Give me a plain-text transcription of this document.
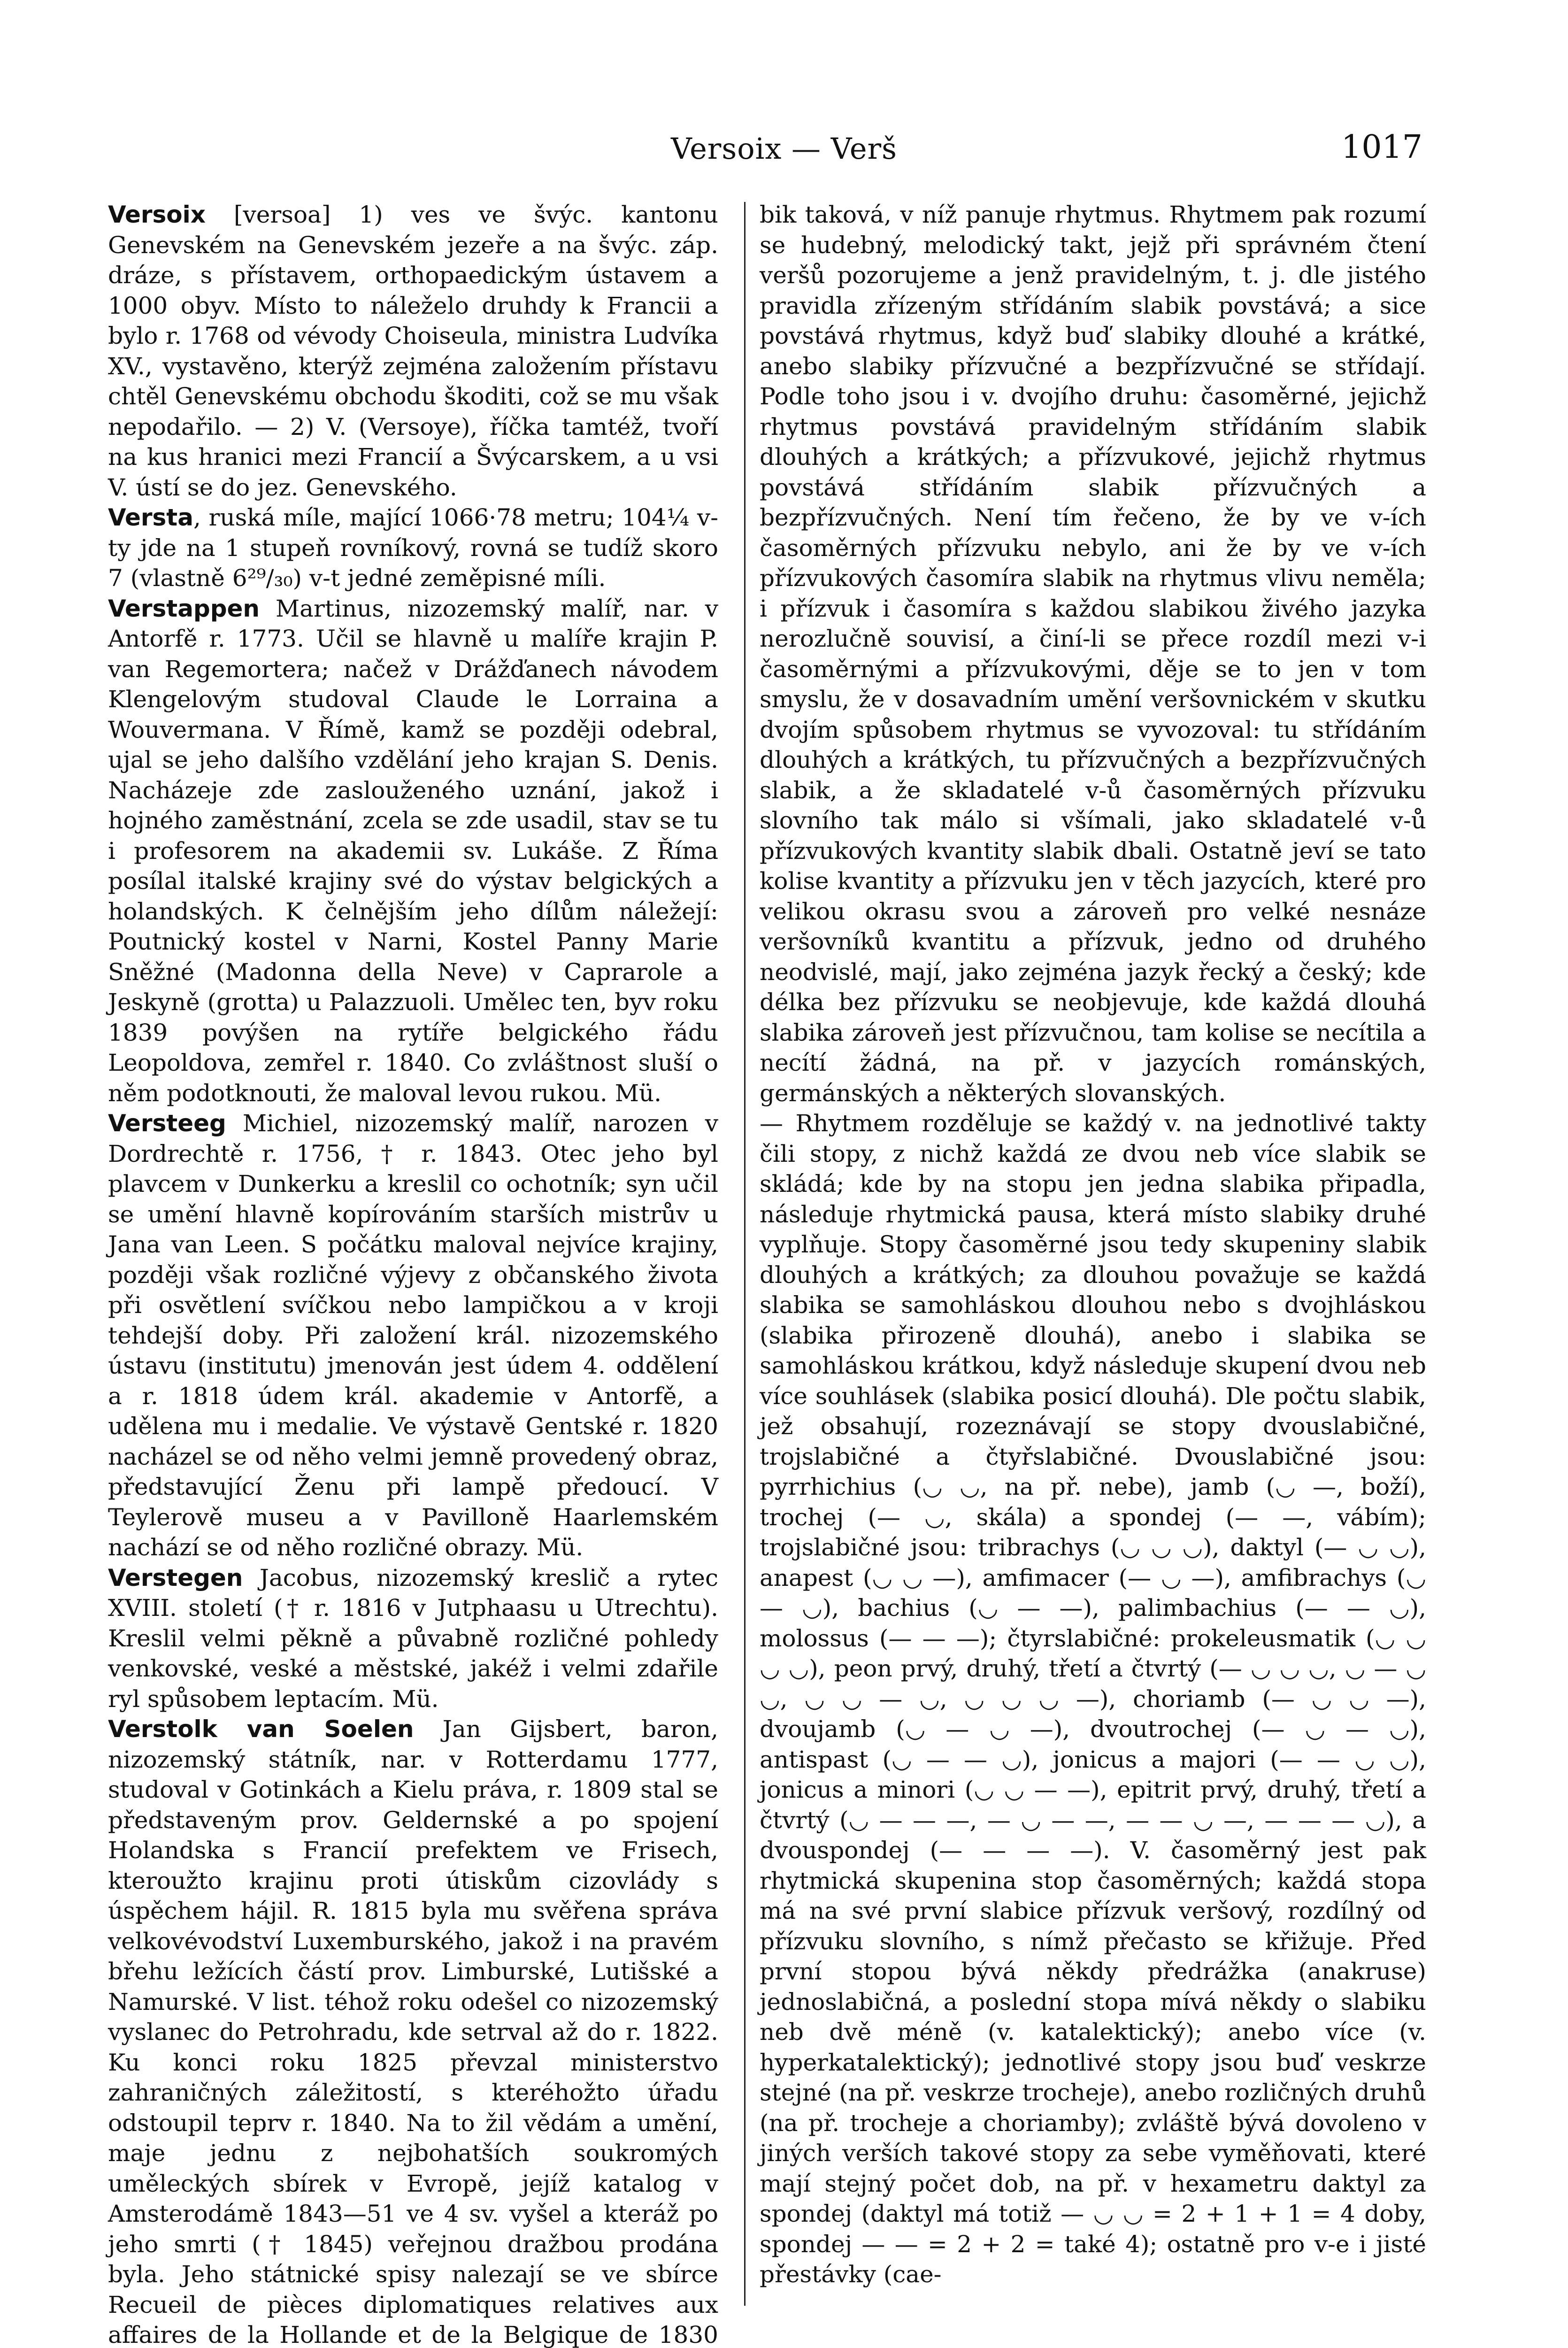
Versoix — Verš	1017

Versoix [versoa] 1) ves ve švýc. kantonu Genevském na Genevském jezeře a na švýc. záp. dráze, s přístavem, orthopaedickým ústavem a 1000 obyv. Místo to náleželo druhdy k Francii a bylo r. 1768 od vévody Choiseula, ministra Ludvíka XV., vystavěno, kterýž zejména založením přístavu chtěl Genevskému obchodu škoditi, což se mu však nepodařilo. — 2) V. (Versoye), říčka tamtéž, tvoří na kus hranici mezi Francií a Švýcarskem, a u vsi V. ústí se do jez. Genevského.

Versta, ruská míle, mající 1066·78 metru; 104¼ v-ty jde na 1 stupeň rovníkový, rovná se tudíž skoro 7 (vlastně 6²⁹/₃₀) v-t jedné zeměpisné míli.

Verstappen Martinus, nizozemský malíř, nar. v Antorfě r. 1773. Učil se hlavně u malíře krajin P. van Regemortera; načež v Drážďanech návodem Klengelovým studoval Claude le Lorraina a Wouvermana. V Římě, kamž se později odebral, ujal se jeho dalšího vzdělání jeho krajan S. Denis. Nacházeje zde zaslouženého uznání, jakož i hojného zaměstnání, zcela se zde usadil, stav se tu i profesorem na akademii sv. Lukáše. Z Říma posílal italské krajiny své do výstav belgických a holandských. K čelnějším jeho dílům náležejí: Poutnický kostel v Narni, Kostel Panny Marie Sněžné (Madonna della Neve) v Caprarole a Jeskyně (grotta) u Palazzuoli. Umělec ten, byv roku 1839 povýšen na rytíře belgického řádu Leopoldova, zemřel r. 1840. Co zvláštnost sluší o něm podotknouti, že maloval levou rukou. Mü.

Versteeg Michiel, nizozemský malíř, narozen v Dordrechtě r. 1756, † r. 1843. Otec jeho byl plavcem v Dunkerku a kreslil co ochotník; syn učil se umění hlavně kopírováním starších mistrův u Jana van Leen. S počátku maloval nejvíce krajiny, později však rozličné výjevy z občanského života při osvětlení svíčkou nebo lampičkou a v kroji tehdejší doby. Při založení král. nizozemského ústavu (institutu) jmenován jest údem 4. oddělení a r. 1818 údem král. akademie v Antorfě, a udělena mu i medalie. Ve výstavě Gentské r. 1820 nacházel se od něho velmi jemně provedený obraz, představující Ženu při lampě předoucí. V Teylerově museu a v Pavilloně Haarlemském nachází se od něho rozličné obrazy. Mü.

Verstegen Jacobus, nizozemský kreslič a rytec XVIII. století († r. 1816 v Jutphaasu u Utrechtu). Kreslil velmi pěkně a půvabně rozličné pohledy venkovské, veské a městské, jakéž i velmi zdařile ryl spůsobem leptacím. Mü.

Verstolk van Soelen Jan Gijsbert, baron, nizozemský státník, nar. v Rotterdamu 1777, studoval v Gotinkách a Kielu práva, r. 1809 stal se představeným prov. Geldernské a po spojení Holandska s Francií prefektem ve Frisech, kteroužto krajinu proti útiskům cizovlády s úspěchem hájil. R. 1815 byla mu svěřena správa velkovévodství Luxemburského, jakož i na pravém břehu ležících částí prov. Limburské, Lutišské a Namurské. V list. téhož roku odešel co nizozemský vyslanec do Petrohradu, kde setrval až do r. 1822. Ku konci roku 1825 převzal ministerstvo zahraničných záležitostí, s kteréhožto úřadu odstoupil teprv r. 1840. Na to žil vědám a umění, maje jednu z nejbohatších soukromých uměleckých sbírek v Evropě, jejíž katalog v Amsterodámě 1843—51 ve 4 sv. vyšel a kteráž po jeho smrti († 1845) veřejnou dražbou prodána byla. Jeho státnické spisy nalezají se ve sbírce Recueil de pièces diplomatiques relatives aux affaires de la Hollande et de la Belgique de 1830

bik taková, v níž panuje rhytmus. Rhytmem pak rozumí se hudebný, melodický takt, jejž při správném čtení veršů pozorujeme a jenž pravidelným, t. j. dle jistého pravidla zřízeným střídáním slabik povstává; a sice povstává rhytmus, když buď slabiky dlouhé a krátké, anebo slabiky přízvučné a bezpřízvučné se střídají. Podle toho jsou i v. dvojího druhu: časoměrné, jejichž rhytmus povstává pravidelným střídáním slabik dlouhých a krátkých; a přízvukové, jejichž rhytmus povstává střídáním slabik přízvučných a bezpřízvučných. Není tím řečeno, že by ve v-ích časoměrných přízvuku nebylo, ani že by ve v-ích přízvukových časomíra slabik na rhytmus vlivu neměla; i přízvuk i časomíra s každou slabikou živého jazyka nerozlučně souvisí, a činí-li se přece rozdíl mezi v-i časoměrnými a přízvukovými, děje se to jen v tom smyslu, že v dosavadním umění veršovnickém v skutku dvojím spůsobem rhytmus se vyvozoval: tu střídáním dlouhých a krátkých, tu přízvučných a bezpřízvučných slabik, a že skladatelé v-ů časoměrných přízvuku slovního tak málo si všímali, jako skladatelé v-ů přízvukových kvantity slabik dbali. Ostatně jeví se tato kolise kvantity a přízvuku jen v těch jazycích, které pro velikou okrasu svou a zároveň pro velké nesnáze veršovníků kvantitu a přízvuk, jedno od druhého neodvislé, mají, jako zejména jazyk řecký a český; kde délka bez přízvuku se neobjevuje, kde každá dlouhá slabika zároveň jest přízvučnou, tam kolise se necítila a necítí žádná, na př. v jazycích románských, germánských a některých slovanských.

— Rhytmem rozděluje se každý v. na jednotlivé takty čili stopy, z nichž každá ze dvou neb více slabik se skládá; kde by na stopu jen jedna slabika připadla, následuje rhytmická pausa, která místo slabiky druhé vyplňuje. Stopy časoměrné jsou tedy skupeniny slabik dlouhých a krátkých; za dlouhou považuje se každá slabika se samohláskou dlouhou nebo s dvojhláskou (slabika přirozeně dlouhá), anebo i slabika se samohláskou krátkou, když následuje skupení dvou neb více souhlásek (slabika posicí dlouhá). Dle počtu slabik, jež obsahují, rozeznávají se stopy dvouslabičné, trojslabičné a čtyřslabičné. Dvouslabičné jsou: pyrrhichius (◡ ◡, na př. nebe), jamb (◡ —, boží), trochej (— ◡, skála) a spondej (— —, vábím); trojslabičné jsou: tribrachys (◡ ◡ ◡), daktyl (— ◡ ◡), anapest (◡ ◡ —), amfimacer (— ◡ —), amfibrachys (◡ — ◡), bachius (◡ — —), palimbachius (— — ◡), molossus (— — —); čtyrslabičné: prokeleusmatik (◡ ◡ ◡ ◡), peon prvý, druhý, třetí a čtvrtý (— ◡ ◡ ◡, ◡ — ◡ ◡, ◡ ◡ — ◡, ◡ ◡ ◡ —), choriamb (— ◡ ◡ —), dvoujamb (◡ — ◡ —), dvoutrochej (— ◡ — ◡), antispast (◡ — — ◡), jonicus a majori (— — ◡ ◡), jonicus a minori (◡ ◡ — —), epitrit prvý, druhý, třetí a čtvrtý (◡ — — —, — ◡ — —, — — ◡ —, — — — ◡), a dvouspondej (— — — —). V. časoměrný jest pak rhytmická skupenina stop časoměrných; každá stopa má na své první slabice přízvuk veršový, rozdílný od přízvuku slovního, s nímž přečasto se křižuje. Před první stopou bývá někdy předrážka (anakruse) jednoslabičná, a poslední stopa mívá někdy o slabiku neb dvě méně (v. katalektický); anebo více (v. hyperkatalektický); jednotlivé stopy jsou buď veskrze stejné (na př. veskrze trocheje), anebo rozličných druhů (na př. trocheje a choriamby); zvláště bývá dovoleno v jiných verších takové stopy za sebe vyměňovati, které mají stejný počet dob, na př. v hexametru daktyl za spondej (daktyl má totiž — ◡ ◡ = 2 + 1 + 1 = 4 doby, spondej — — = 2 + 2 = také 4); ostatně pro v-e i jisté přestávky (cae-
